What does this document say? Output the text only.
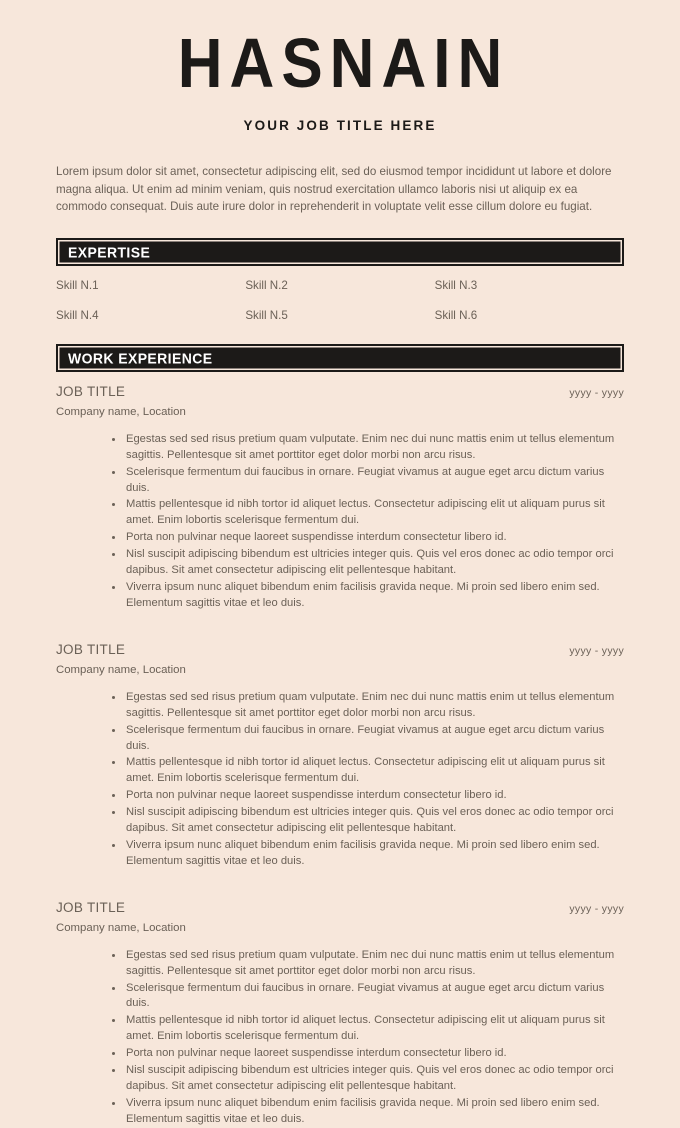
HASNAIN
YOUR JOB TITLE HERE
Lorem ipsum dolor sit amet, consectetur adipiscing elit, sed do eiusmod tempor incididunt ut labore et dolore magna aliqua. Ut enim ad minim veniam, quis nostrud exercitation ullamco laboris nisi ut aliquip ex ea commodo consequat. Duis aute irure dolor in reprehenderit in voluptate velit esse cillum dolore eu fugiat.
EXPERTISE
Skill N.1	Skill N.2	Skill N.3
Skill N.4	Skill N.5	Skill N.6
WORK EXPERIENCE
JOB TITLE	yyyy - yyyy
Company name, Location
Egestas sed sed risus pretium quam vulputate. Enim nec dui nunc mattis enim ut tellus elementum sagittis. Pellentesque sit amet porttitor eget dolor morbi non arcu risus.
Scelerisque fermentum dui faucibus in ornare. Feugiat vivamus at augue eget arcu dictum varius duis.
Mattis pellentesque id nibh tortor id aliquet lectus. Consectetur adipiscing elit ut aliquam purus sit amet. Enim lobortis scelerisque fermentum dui.
Porta non pulvinar neque laoreet suspendisse interdum consectetur libero id.
Nisl suscipit adipiscing bibendum est ultricies integer quis. Quis vel eros donec ac odio tempor orci dapibus. Sit amet consectetur adipiscing elit pellentesque habitant.
Viverra ipsum nunc aliquet bibendum enim facilisis gravida neque. Mi proin sed libero enim sed. Elementum sagittis vitae et leo duis.
JOB TITLE	yyyy - yyyy
Company name, Location
Egestas sed sed risus pretium quam vulputate. Enim nec dui nunc mattis enim ut tellus elementum sagittis. Pellentesque sit amet porttitor eget dolor morbi non arcu risus.
Scelerisque fermentum dui faucibus in ornare. Feugiat vivamus at augue eget arcu dictum varius duis.
Mattis pellentesque id nibh tortor id aliquet lectus. Consectetur adipiscing elit ut aliquam purus sit amet. Enim lobortis scelerisque fermentum dui.
Porta non pulvinar neque laoreet suspendisse interdum consectetur libero id.
Nisl suscipit adipiscing bibendum est ultricies integer quis. Quis vel eros donec ac odio tempor orci dapibus. Sit amet consectetur adipiscing elit pellentesque habitant.
Viverra ipsum nunc aliquet bibendum enim facilisis gravida neque. Mi proin sed libero enim sed. Elementum sagittis vitae et leo duis.
JOB TITLE	yyyy - yyyy
Company name, Location
Egestas sed sed risus pretium quam vulputate. Enim nec dui nunc mattis enim ut tellus elementum sagittis. Pellentesque sit amet porttitor eget dolor morbi non arcu risus.
Scelerisque fermentum dui faucibus in ornare. Feugiat vivamus at augue eget arcu dictum varius duis.
Mattis pellentesque id nibh tortor id aliquet lectus. Consectetur adipiscing elit ut aliquam purus sit amet. Enim lobortis scelerisque fermentum dui.
Porta non pulvinar neque laoreet suspendisse interdum consectetur libero id.
Nisl suscipit adipiscing bibendum est ultricies integer quis. Quis vel eros donec ac odio tempor orci dapibus. Sit amet consectetur adipiscing elit pellentesque habitant.
Viverra ipsum nunc aliquet bibendum enim facilisis gravida neque. Mi proin sed libero enim sed. Elementum sagittis vitae et leo duis.
